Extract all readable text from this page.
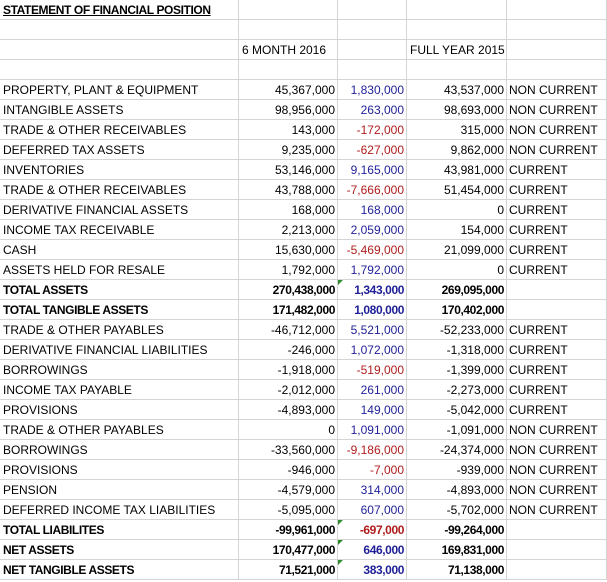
STATEMENT OF FINANCIAL POSITION
6 MONTH 2016	FULL YEAR 2015
PROPERTY, PLANT & EQUIPMENT	45,367,000	1,830,000	43,537,000 NON CURRENT
INTANGIBLE ASSETS	98,956,000	263,000	98,693,000 NON CURRENT
TRADE & OTHER RECEIVABLES	143,000	-172,000	315,000 NON CURRENT
DEFERRED TAX ASSETS	9,235,000	-627,000	9,862,000 NON CURRENT
INVENTORIES	53,146,000	9,165,000	43,981,000 CURRENT
TRADE & OTHER RECEIVABLES	43,788,000 -7,666,000	51,454,000 CURRENT
DERIVATIVE FINANCIAL ASSETS	168,000	168,000	0 CURRENT
INCOME TAX RECEIVABLE	2,213,000	2,059,000	154,000 CURRENT
CASH	15,630,000 -5,469,000	21,099,000 CURRENT
ASSETS HELD FOR RESALE	1,792,000	1,792,000	0 CURRENT
TOTAL ASSETS	270,438,000	1,343,000	269,095,000
TOTAL TANGIBLE ASSETS	171,482,000	1,080,000	170,402,000
TRADE & OTHER PAYABLES	-46,712,000	5,521,000	-52,233,000 CURRENT
DERIVATIVE FINANCIAL LIABILITIES	-246,000	1,072,000	-1,318,000 CURRENT
BORROWINGS	-1,918,000	-519,000	-1,399,000 CURRENT
INCOME TAX PAYABLE	-2,012,000	261,000	-2,273,000 CURRENT
PROVISIONS	-4,893,000	149,000	-5,042,000 CURRENT
TRADE & OTHER PAYABLES	0	1,091,000	-1,091,000 NON CURRENT
BORROWINGS	-33,560,000 -9,186,000	-24,374,000 NON CURRENT
PROVISIONS	-946,000	-7,000	-939,000 NON CURRENT
PENSION	-4,579,000	314,000	-4,893,000 NON CURRENT
DEFERRED INCOME TAX LIABILITIES	-5,095,000	607,000	-5,702,000 NON CURRENT
TOTAL LIABILITES	-99,961,000	-697,000	-99,264,000
NET ASSETS	170,477,000	646,000	169,831,000
NET TANGIBLE ASSETS	71,521,000	383,000	71,138,000
